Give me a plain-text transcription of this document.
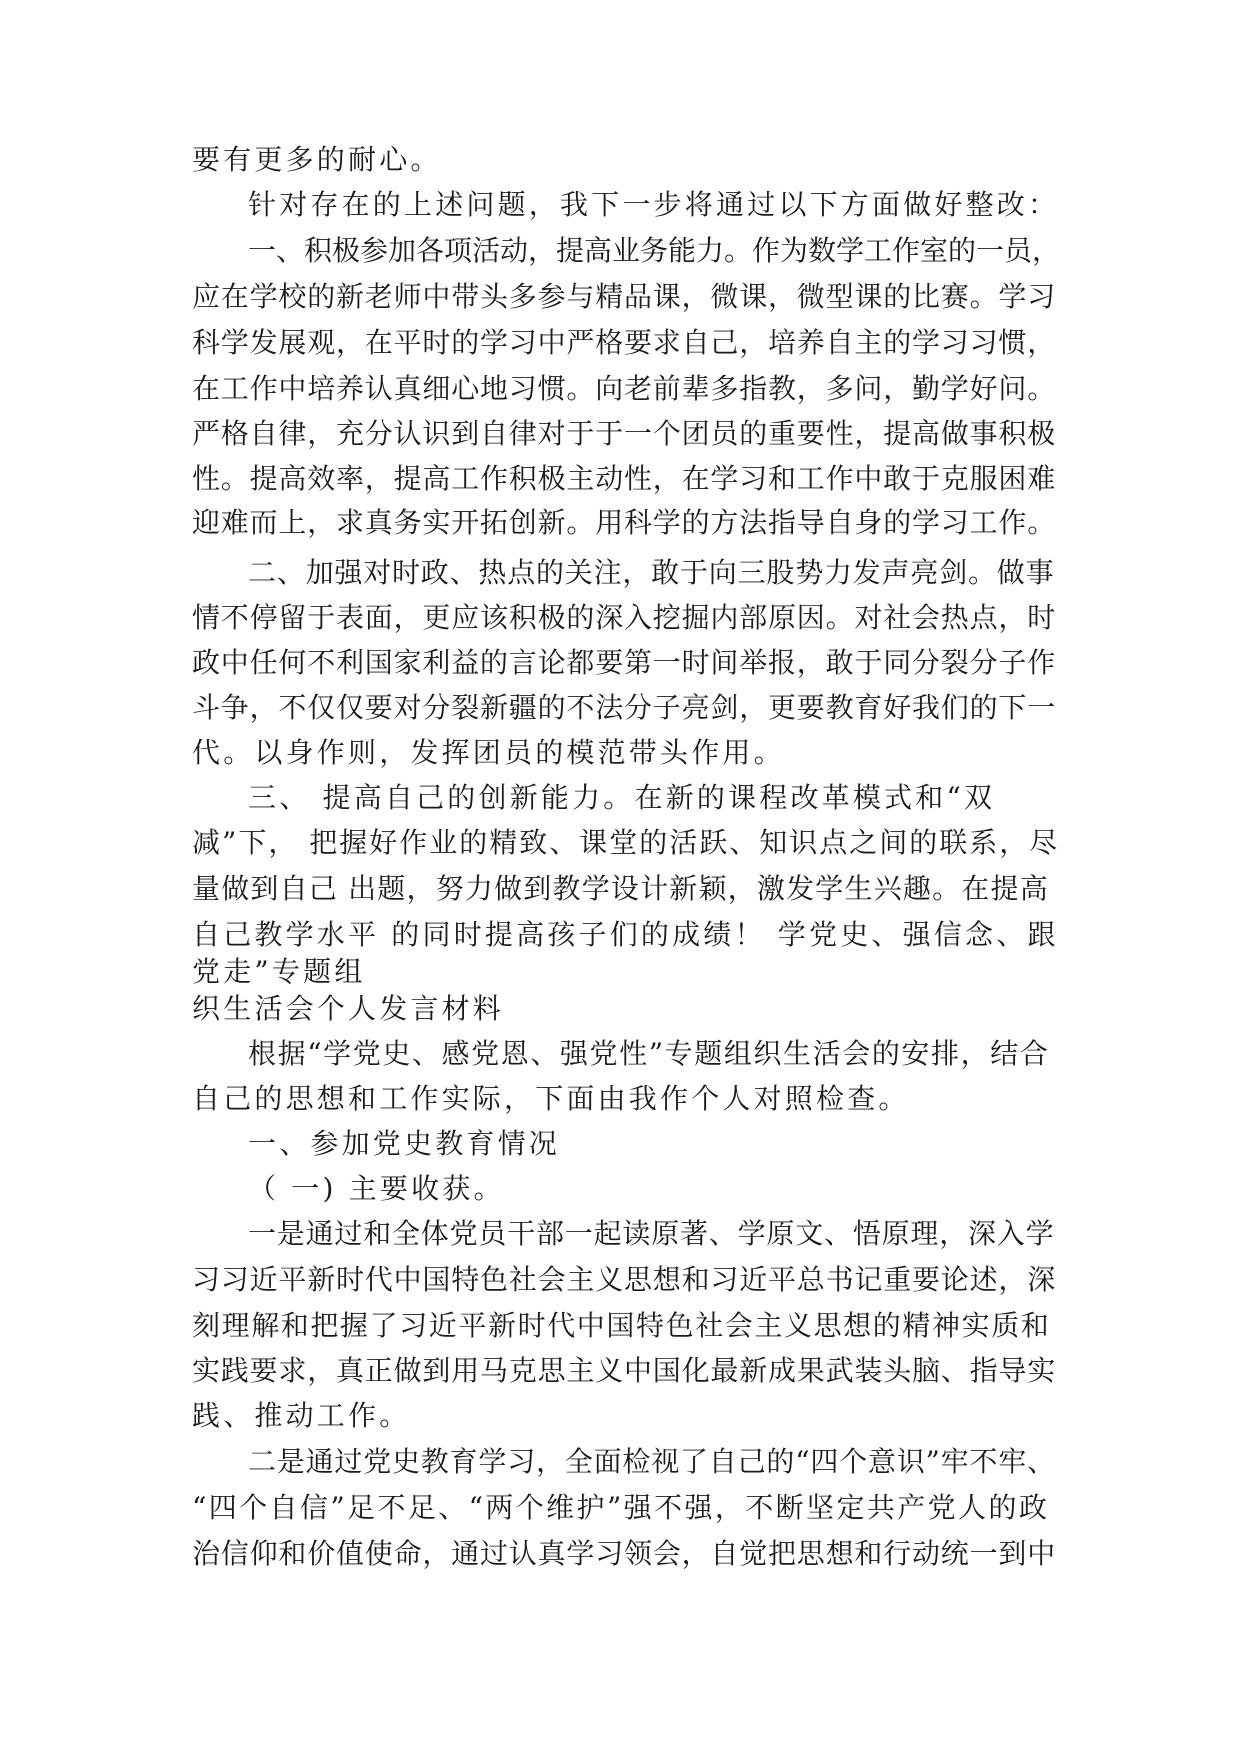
要有更多的耐心。
针对存在的上述问题，我下一步将通过以下方面做好整改：
一、积极参加各项活动，提高业务能力。作为数学工作室的一员，
应在学校的新老师中带头多参与精品课，微课，微型课的比赛。学习
科学发展观，在平时的学习中严格要求自己，培养自主的学习习惯，
在工作中培养认真细心地习惯。向老前辈多指教，多问，勤学好问。
严格自律，充分认识到自律对于于一个团员的重要性，提高做事积极
性。提高效率，提高工作积极主动性，在学习和工作中敢于克服困难
迎难而上，求真务实开拓创新。用科学的方法指导自身的学习工作。
二、加强对时政、热点的关注，敢于向三股势力发声亮剑。做事
情不停留于表面，更应该积极的深入挖掘内部原因。对社会热点，时
政中任何不利国家利益的言论都要第一时间举报，敢于同分裂分子作
斗争，不仅仅要对分裂新疆的不法分子亮剑，更要教育好我们的下一
代。以身作则，发挥团员的模范带头作用。
三、 提高自己的创新能力。在新的课程改革模式和“双
减”下， 把握好作业的精致、课堂的活跃、知识点之间的联系，尽
量做到自己 出题，努力做到教学设计新颖，激发学生兴趣。在提高
自己教学水平 的同时提高孩子们的成绩！ 学党史、强信念、跟
党走”专题组
织生活会个人发言材料
根据“学党史、感党恩、强党性”专题组织生活会的安排，结合
自己的思想和工作实际，下面由我作个人对照检查。
一、参加党史教育情况
（ 一) 主要收获。
一是通过和全体党员干部一起读原著、学原文、悟原理，深入学
习习近平新时代中国特色社会主义思想和习近平总书记重要论述，深
刻理解和把握了习近平新时代中国特色社会主义思想的精神实质和
实践要求，真正做到用马克思主义中国化最新成果武装头脑、指导实
践、推动工作。
二是通过党史教育学习，全面检视了自己的“四个意识”牢不牢、
“四个自信”足不足、“两个维护”强不强，不断坚定共产党人的政
治信仰和价值使命，通过认真学习领会，自觉把思想和行动统一到中
